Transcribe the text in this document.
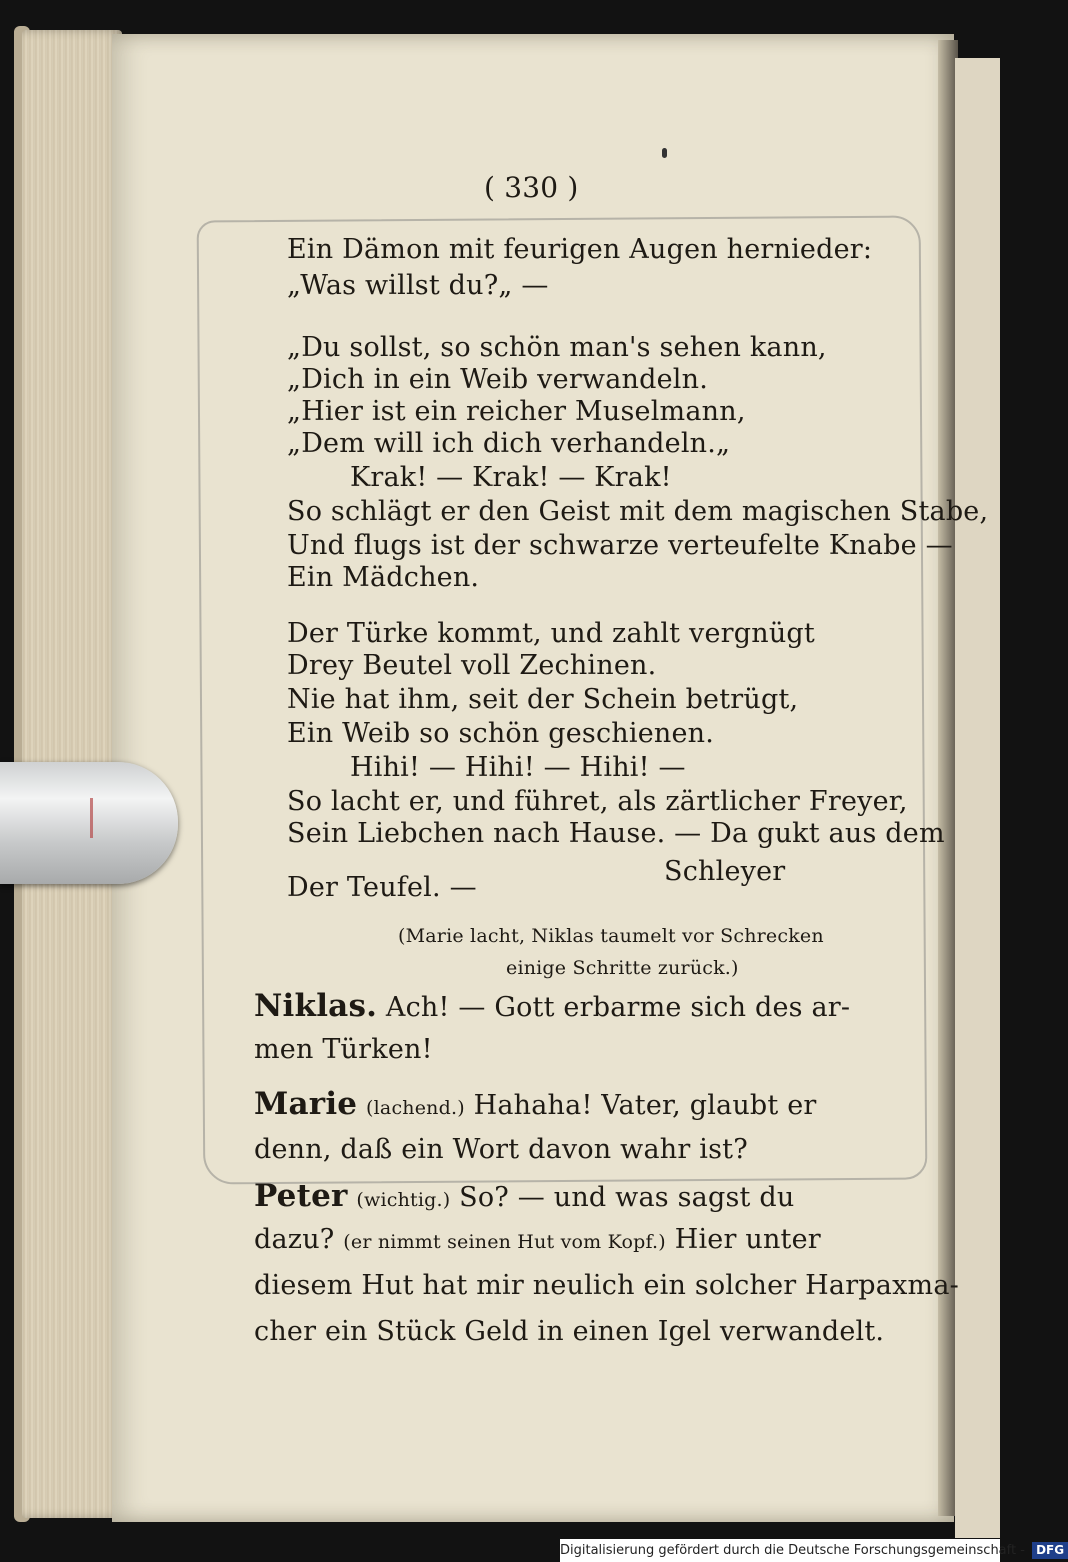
( 330 )
Ein Dämon mit feurigen Augen hernieder:
„Was willst du?„ —
„Du sollst, so schön man's sehen kann,
„Dich in ein Weib verwandeln.
„Hier ist ein reicher Muselmann,
„Dem will ich dich verhandeln.„
Krak! — Krak! — Krak!
So schlägt er den Geist mit dem magischen Stabe,
Und flugs ist der schwarze verteufelte Knabe —
Ein Mädchen.
Der Türke kommt, und zahlt vergnügt
Drey Beutel voll Zechinen.
Nie hat ihm, seit der Schein betrügt,
Ein Weib so schön geschienen.
Hihi! — Hihi! — Hihi! —
So lacht er, und führet, als zärtlicher Freyer,
Sein Liebchen nach Hause. — Da gukt aus dem
Schleyer
Der Teufel. —
(Marie lacht, Niklas taumelt vor Schrecken
einige Schritte zurück.)
Niklas. Ach! — Gott erbarme sich des ar-
men Türken!
Marie (lachend.) Hahaha! Vater, glaubt er
denn, daß ein Wort davon wahr ist?
Peter (wichtig.) So? — und was sagst du
dazu? (er nimmt seinen Hut vom Kopf.) Hier unter
diesem Hut hat mir neulich ein solcher Harpaxma-
cher ein Stück Geld in einen Igel verwandelt.
Digitalisierung gefördert durch die Deutsche Forschungsgemeinschaft - DFG
